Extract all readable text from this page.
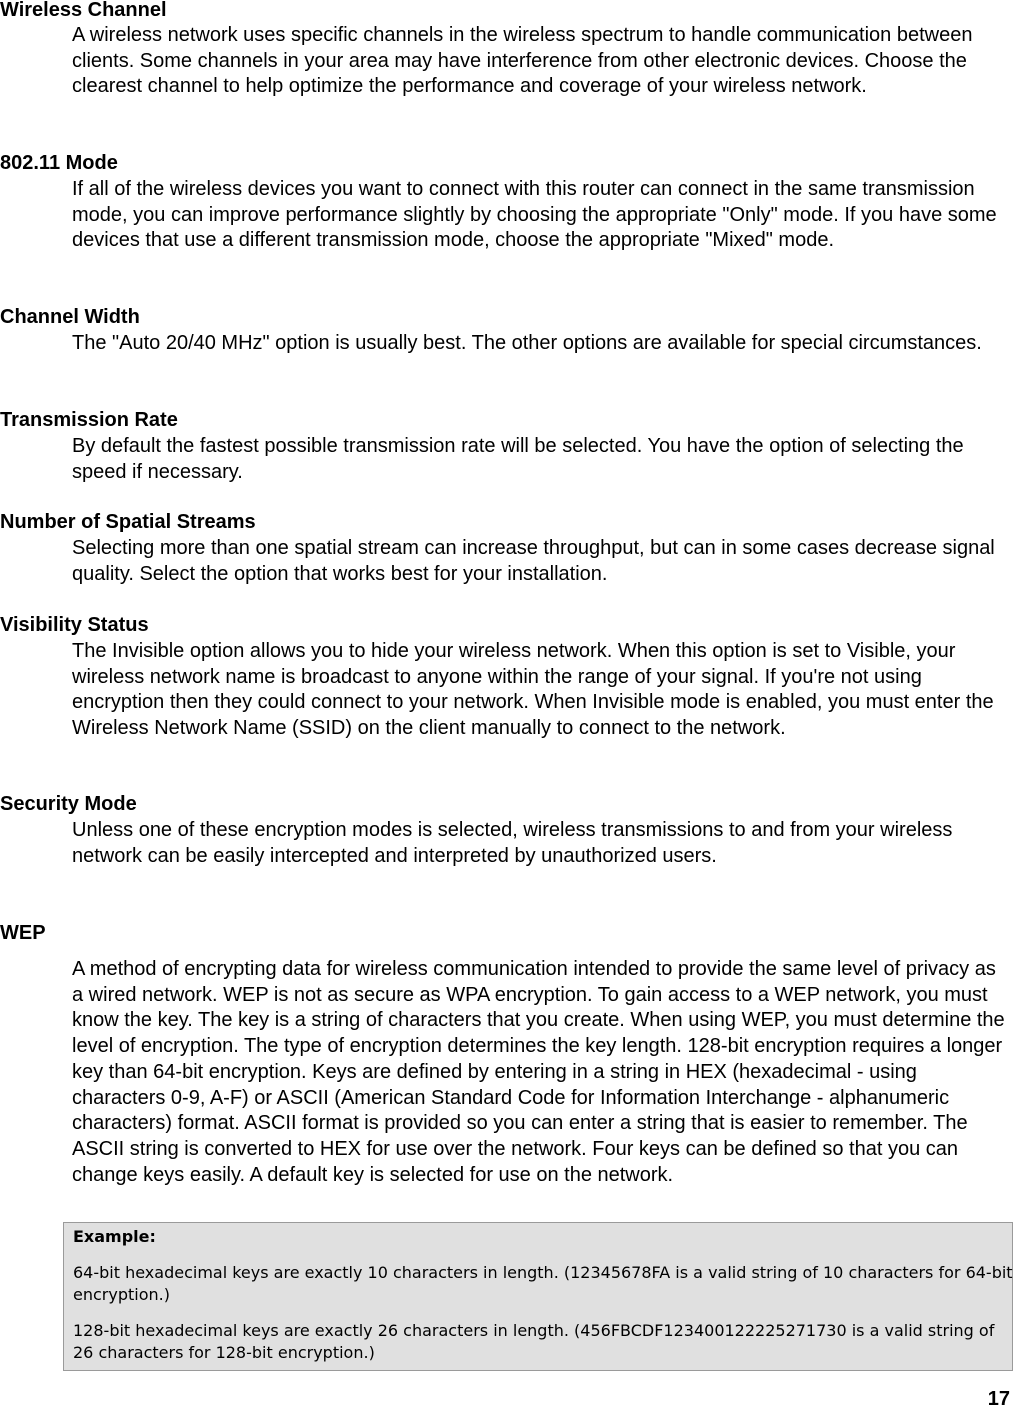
Wireless Channel

A wireless network uses specific channels in the wireless spectrum to handle communication between clients. Some channels in your area may have interference from other electronic devices. Choose the clearest channel to help optimize the performance and coverage of your wireless network.

802.11 Mode

If all of the wireless devices you want to connect with this router can connect in the same transmission mode, you can improve performance slightly by choosing the appropriate "Only" mode. If you have some devices that use a different transmission mode, choose the appropriate "Mixed" mode.

Channel Width

The "Auto 20/40 MHz" option is usually best. The other options are available for special circumstances.

Transmission Rate

By default the fastest possible transmission rate will be selected. You have the option of selecting the speed if necessary.

Number of Spatial Streams

Selecting more than one spatial stream can increase throughput, but can in some cases decrease signal quality. Select the option that works best for your installation.

Visibility Status

The Invisible option allows you to hide your wireless network. When this option is set to Visible, your wireless network name is broadcast to anyone within the range of your signal. If you're not using encryption then they could connect to your network. When Invisible mode is enabled, you must enter the Wireless Network Name (SSID) on the client manually to connect to the network.

Security Mode

Unless one of these encryption modes is selected, wireless transmissions to and from your wireless network can be easily intercepted and interpreted by unauthorized users.

WEP

A method of encrypting data for wireless communication intended to provide the same level of privacy as a wired network. WEP is not as secure as WPA encryption. To gain access to a WEP network, you must know the key. The key is a string of characters that you create. When using WEP, you must determine the level of encryption. The type of encryption determines the key length. 128-bit encryption requires a longer key than 64-bit encryption. Keys are defined by entering in a string in HEX (hexadecimal - using characters 0-9, A-F) or ASCII (American Standard Code for Information Interchange - alphanumeric characters) format. ASCII format is provided so you can enter a string that is easier to remember. The ASCII string is converted to HEX for use over the network. Four keys can be defined so that you can change keys easily. A default key is selected for use on the network.

Example:

64-bit hexadecimal keys are exactly 10 characters in length. (12345678FA is a valid string of 10 characters for 64-bit encryption.)

128-bit hexadecimal keys are exactly 26 characters in length. (456FBCDF123400122225271730 is a valid string of 26 characters for 128-bit encryption.)

17
